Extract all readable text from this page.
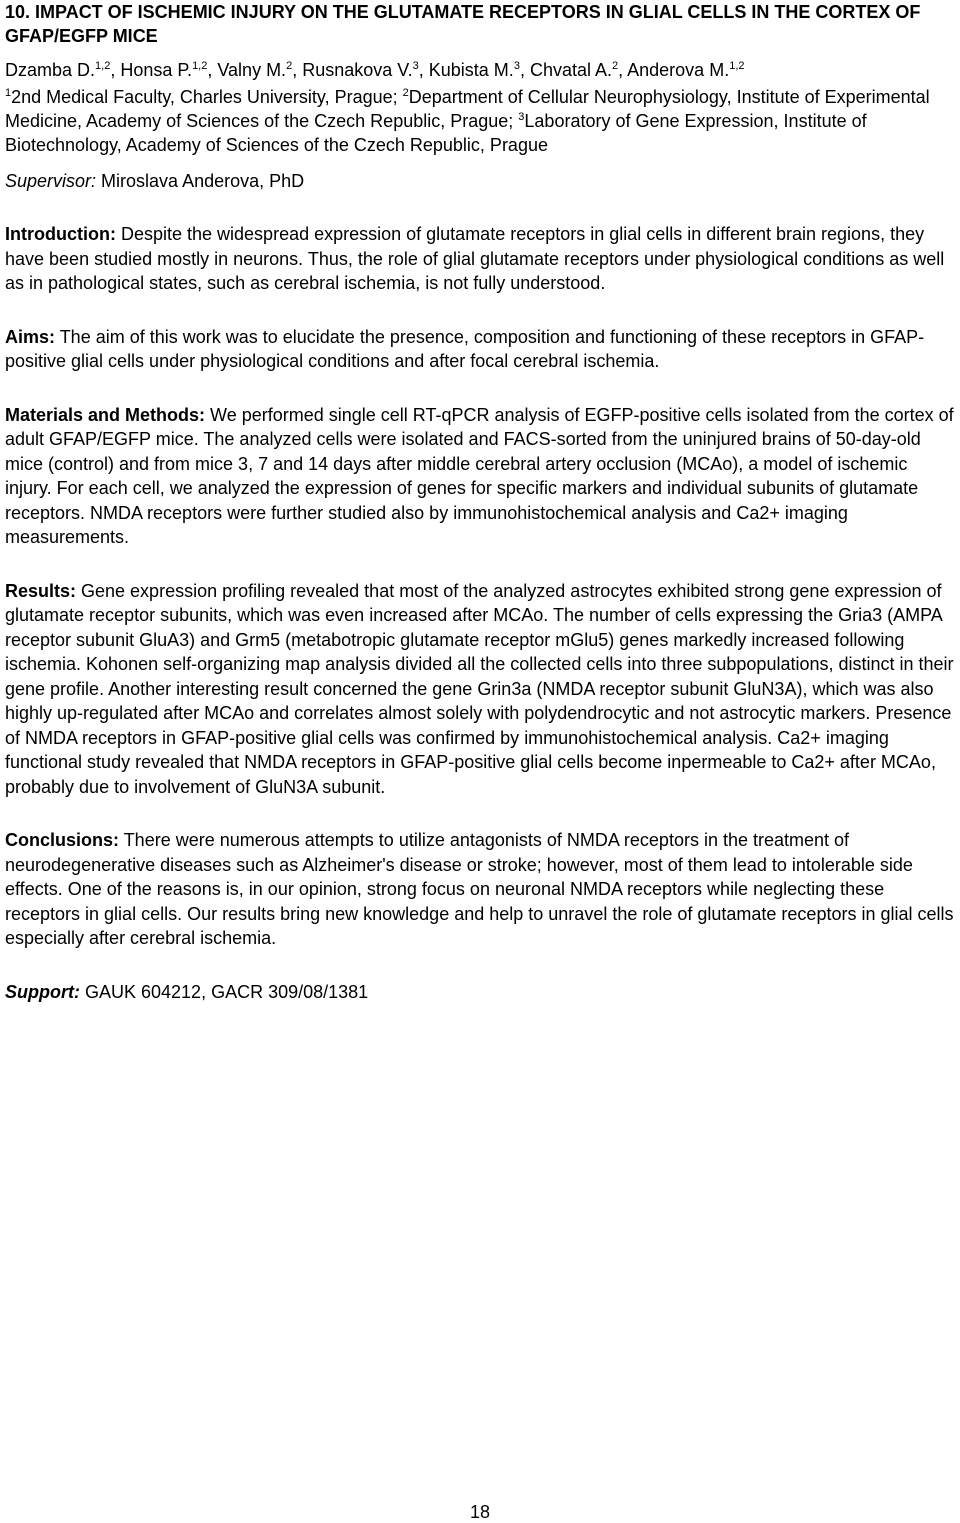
10. IMPACT OF ISCHEMIC INJURY ON THE GLUTAMATE RECEPTORS IN GLIAL CELLS IN THE CORTEX OF GFAP/EGFP MICE
Dzamba D.$^{1,2}$, Honsa P.$^{1,2}$, Valny M.$^2$, Rusnakova V.$^3$, Kubista M.$^3$, Chvatal A.$^2$, Anderova M.$^{1,2}$
$^1$2nd Medical Faculty, Charles University, Prague; $^2$Department of Cellular Neurophysiology, Institute of Experimental Medicine, Academy of Sciences of the Czech Republic, Prague; $^3$Laboratory of Gene Expression, Institute of Biotechnology, Academy of Sciences of the Czech Republic, Prague
Supervisor: Miroslava Anderova, PhD

Introduction: Despite the widespread expression of glutamate receptors in glial cells in different brain regions, they have been studied mostly in neurons. Thus, the role of glial glutamate receptors under physiological conditions as well as in pathological states, such as cerebral ischemia, is not fully understood.

Aims: The aim of this work was to elucidate the presence, composition and functioning of these receptors in GFAP-positive glial cells under physiological conditions and after focal cerebral ischemia.

Materials and Methods: We performed single cell RT-qPCR analysis of EGFP-positive cells isolated from the cortex of adult GFAP/EGFP mice. The analyzed cells were isolated and FACS-sorted from the uninjured brains of 50-day-old mice (control) and from mice 3, 7 and 14 days after middle cerebral artery occlusion (MCAo), a model of ischemic injury. For each cell, we analyzed the expression of genes for specific markers and individual subunits of glutamate receptors. NMDA receptors were further studied also by immunohistochemical analysis and Ca2+ imaging measurements.

Results: Gene expression profiling revealed that most of the analyzed astrocytes exhibited strong gene expression of glutamate receptor subunits, which was even increased after MCAo. The number of cells expressing the Gria3 (AMPA receptor subunit GluA3) and Grm5 (metabotropic glutamate receptor mGlu5) genes markedly increased following ischemia. Kohonen self-organizing map analysis divided all the collected cells into three subpopulations, distinct in their gene profile. Another interesting result concerned the gene Grin3a (NMDA receptor subunit GluN3A), which was also highly up-regulated after MCAo and correlates almost solely with polydendrocytic and not astrocytic markers. Presence of NMDA receptors in GFAP-positive glial cells was confirmed by immunohistochemical analysis. Ca2+ imaging functional study revealed that NMDA receptors in GFAP-positive glial cells become inpermeable to Ca2+ after MCAo, probably due to involvement of GluN3A subunit.

Conclusions: There were numerous attempts to utilize antagonists of NMDA receptors in the treatment of neurodegenerative diseases such as Alzheimer's disease or stroke; however, most of them lead to intolerable side effects. One of the reasons is, in our opinion, strong focus on neuronal NMDA receptors while neglecting these receptors in glial cells. Our results bring new knowledge and help to unravel the role of glutamate receptors in glial cells especially after cerebral ischemia.

Support: GAUK 604212, GACR 309/08/1381
18
